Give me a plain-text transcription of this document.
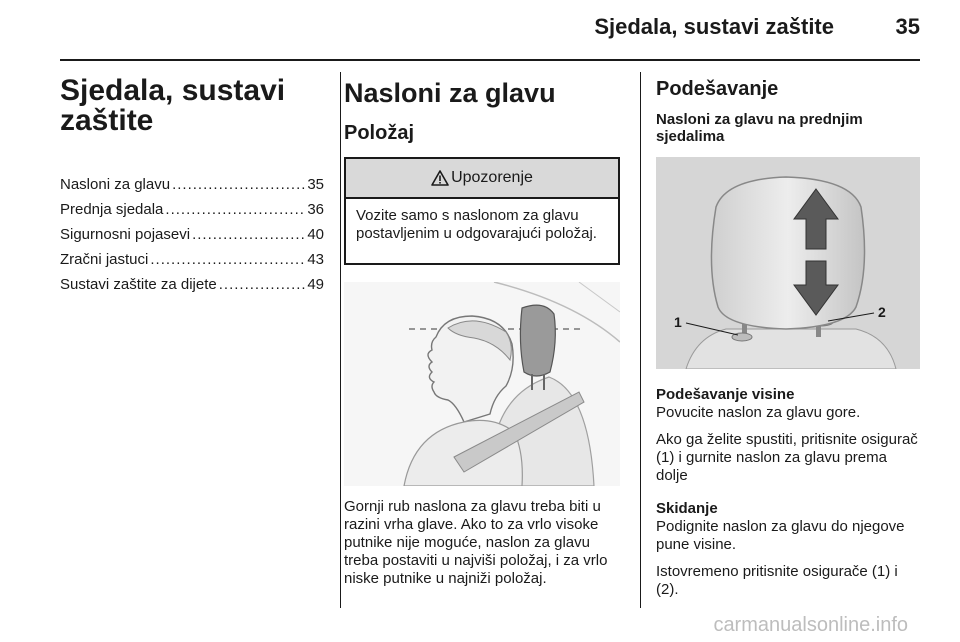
Sjedala, sustavi zaštite	35
Sjedala, sustavi zaštite
Nasloni za glavu .....	35
Prednja sjedala .....	36
Sigurnosni pojasevi .....	40
Zračni jastuci .....	43
Sustavi zaštite za dijete .....	49
Nasloni za glavu
Položaj
Upozorenje
Vozite samo s naslonom za glavu postavljenim u odgovarajući položaj.
Gornji rub naslona za glavu treba biti u razini vrha glave. Ako to za vrlo visoke putnike nije moguće, naslon za glavu treba postaviti u najviši položaj, i za vrlo niske putnike u najniži položaj.
Podešavanje
Nasloni za glavu na prednjim sjedalima
1
2
Podešavanje visine
Povucite naslon za glavu gore.
Ako ga želite spustiti, pritisnite osigurač (1) i gurnite naslon za glavu prema dolje
Skidanje
Podignite naslon za glavu do njegove pune visine.
Istovremeno pritisnite osigurače (1) i (2).
carmanualsonline.info
